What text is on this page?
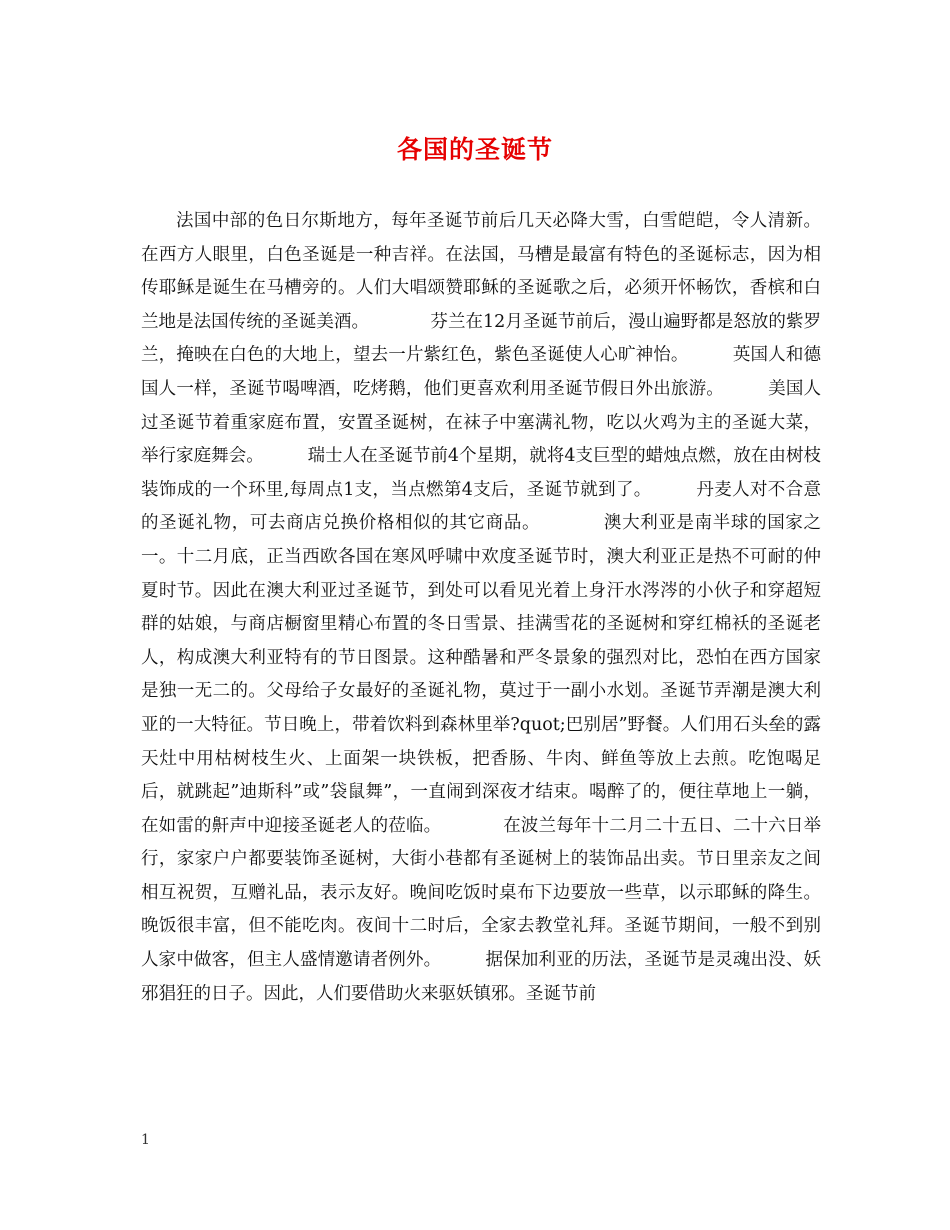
各国的圣诞节

法国中部的色日尔斯地方，每年圣诞节前后几天必降大雪，白雪皑皑，令人清新。在西方人眼里，白色圣诞是一种吉祥。在法国，马槽是最富有特色的圣诞标志，因为相传耶稣是诞生在马槽旁的。人们大唱颂赞耶稣的圣诞歌之后，必须开怀畅饮，香槟和白兰地是法国传统的圣诞美酒。　　　　芬兰在12月圣诞节前后，漫山遍野都是怒放的紫罗兰，掩映在白色的大地上，望去一片紫红色，紫色圣诞使人心旷神怡。　　　英国人和德国人一样，圣诞节喝啤酒，吃烤鹅，他们更喜欢利用圣诞节假日外出旅游。　　　美国人过圣诞节着重家庭布置，安置圣诞树，在袜子中塞满礼物，吃以火鸡为主的圣诞大菜，举行家庭舞会。　　　瑞士人在圣诞节前4个星期，就将4支巨型的蜡烛点燃，放在由树枝装饰成的一个环里,每周点1支，当点燃第4支后，圣诞节就到了。　　　丹麦人对不合意的圣诞礼物，可去商店兑换价格相似的其它商品。　　　　澳大利亚是南半球的国家之一。十二月底，正当西欧各国在寒风呼啸中欢度圣诞节时，澳大利亚正是热不可耐的仲夏时节。因此在澳大利亚过圣诞节，到处可以看见光着上身汗水涔涔的小伙子和穿超短群的姑娘，与商店橱窗里精心布置的冬日雪景、挂满雪花的圣诞树和穿红棉袄的圣诞老人，构成澳大利亚特有的节日图景。这种酷暑和严冬景象的强烈对比，恐怕在西方国家是独一无二的。父母给子女最好的圣诞礼物，莫过于一副小水划。圣诞节弄潮是澳大利亚的一大特征。节日晚上，带着饮料到森林里举?quot;巴别居”野餐。人们用石头垒的露天灶中用枯树枝生火、上面架一块铁板，把香肠、牛肉、鲜鱼等放上去煎。吃饱喝足后，就跳起”迪斯科”或”袋鼠舞”，一直闹到深夜才结束。喝醉了的，便往草地上一躺，在如雷的鼾声中迎接圣诞老人的莅临。　　　　在波兰每年十二月二十五日、二十六日举行，家家户户都要装饰圣诞树，大街小巷都有圣诞树上的装饰品出卖。节日里亲友之间相互祝贺，互赠礼品，表示友好。晚间吃饭时桌布下边要放一些草，以示耶稣的降生。晚饭很丰富，但不能吃肉。夜间十二时后，全家去教堂礼拜。圣诞节期间，一般不到别人家中做客，但主人盛情邀请者例外。　　　据保加利亚的历法，圣诞节是灵魂出没、妖邪猖狂的日子。因此，人们要借助火来驱妖镇邪。圣诞节前

1
